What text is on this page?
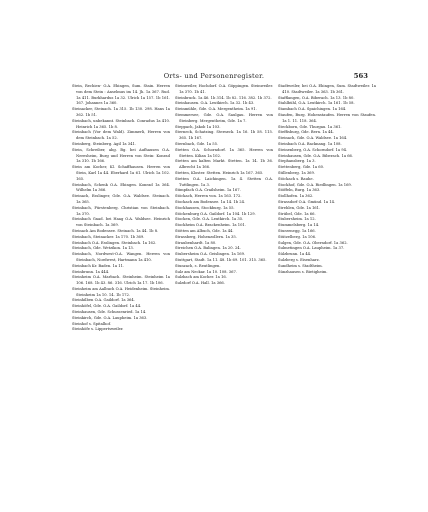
Orts- und Personenregister.	563

Stein, Rechien- O.A. Ehingen, Sum. Stain. Herren von dem Stein : Anselmus im 14. Jh. 1a 367. Rud. 1a 411. Burkhardus 1a 32. Ulrich 1a 157. 1b 161. 167. Johannes 1a 360.

Steinacker, Steinach. 1a 315. 1b 130. 298. Hans 1a 362. 1b 51.

Steinbach, unbekannt. Steinbach. Conradus 1a 410. Heinrich 1a 365. 1b 8.

Steinbach (Vor dem Wald). Zimmerli, Herren von dem Steinbach. 1a 52.

Steinberg, Steinberg. Agil 1a 341.

Stein, Schreiber, abg. Bg. bei Aufhausen O.A. Neresheim, Burg und Herren von Stein: Konrad 1a 310. 1b 166.

Stein am Kocher, Kl. Schaffhausen. Herren von Stein, Karl 1a 44. Eberhard 1a 61. Ulrich 1a 102. 165.

Steinbach, Schenk O.A. Ehingen. Konrad 1a 364. Wilhelm 1a 366.

Steinach, Esslinger, Gde. O.A. Waldsee. Steinach. 1a 365.

Steinbach, Fürstenberg. Christian von Steinbach. 1a 370.

Steinbach Gnad. bei Haag O.A. Waldsee. Heinrich von Steinbach. 1a 369.

Steinach Am Bodensee. Steinach. 1a 44. 1b 8.

Steinbach, Steinacker. 1a 170. 1b 369.

Steinbach O.A. Esslingen. Steinbach. 1a 162.

Steinbach, Gde. Wetzikon. 1a 13.

Steinbach, Nordwest-O.A. Wangen. Herren von Steinbach, Nordwest, Hartmann 1a 410.

Steinbach Kr. Baden. 1a 11.

Steinbrunn. 1a 444.

Steinheim O.A. Marbach. Steinheim. Steinheim 1a 106. 168. 1b 43. 86. 316. Ulrich 1a 17. 1b 106.

Steinheim am Aalbuch O.A. Heidenheim. Steinheim. Steinheim 1a 10. 14. 1b 172.

Steinhilben O.A. Gaildorf. 1a 364.

Steinhöfel, Gde. O.A. Gaildorf. 1a 44.

Steinhausen, Gde. Schussenried. 1a 14.

Steinkirch, Gde. O.A. Laupheim. 1a 363.

Steinhof s. Spitalhof.

Steinhöfe s. Lippertsweiler.

Steinweiler, Hochdorf. O.A. Göppingen. Steinweiler. 1a 370. 1b 41.

Steinbruck. 1a 46. 1b 314. 1b 82. 116. 382. 1b 372.

Steinhausen. O.A. Leutkirch. 1a 32. 1b 43.

Steinmühle, Gde. O.A. Mergentheim. 1a 91.

Stemmersee, Gde. O.A. Saulgau. Herren von Steinberg. Mergentheim, Gde. 1a 7.

Steppach, Jakob 1a 103.

Sterneck, Schatzing. Sterneck. 1a 16. 1b 58. 115. 365. 1b 167.

Sternbach, Gde. 1a 55.

Stetten O.A. Schorndorf. 1a 365. Herren von Stetten. Kilian 1a 102.

Stetten am kalten Markt. Stetten. 1a 14. 1b 36. Albrecht 1a 166.

Stetten, Kloster. Stetten. Heinrich 1a 167. 365.

Stetten O.A. Laichingen. 1a 4. Stetten O.A. Tuttlingen. 1a 3.

Stimpfach O.A. Crailsheim. 1a 167.

Stöckach, Herren von. 1a 163. 172.

Stockach am Bodensee. 1a 14. 1b 24.

Stockhausen, Stockburg. 1a 55.

Stöckenburg O.A. Gaildorf. 1a 104. 1b 129.

Stocken, Gde. O.A. Leutkirch. 1a 35.

Stockheim O.A. Brackenheim. 1a 101.

Stötten am Albuch, Gde. 1a 44.

Strassberg, Hohenzollern. 1a 35.

Straubenhardt. 1a 80.

Streichen O.A. Balingen. 1a 20. 24.

Stubersheim O.A. Geislingen. 1a 169.

Stuttgart, Stadt. 1a 11. 48. 1b 69. 101. 315. 365.

Stunzach, s. Reutlingen.

Sulz am Neckar. 1a 10. 108. 367.

Sulzbach am Kocher. 1a 16.

Sulzdorf O.A. Hall. 1a 366.

Stadtweiler, bei O.A. Ehingen, Sum. Stadtweiler. 1a 410. Stadtweiler. 1a 363. 1b 361.

Stafflangen, O.A. Biberach. 1a 13. 1b 80.

Stahlbühl, O.A. Leutkirch. 1a 161. 1b 58.

Stambach O.A. Spaichingen. 1a 164.

Staufen, Burg. Hohenstaufen. Herren von Staufen. 1a 1. 11. 118. 364.

Steckborn, Gde. Thurgau. 1a 361.

Steffisburg, Gde. Bern. 1a 44.

Steinach, Gde. O.A. Waldsee. 1a 164.

Steinbach O.A. Backnang. 1a 108.

Steinenberg, O.A. Schorndorf. 1a 94.

Steinhausen, Gde. O.A. Biberach. 1a 66.

Stephansberg. 1a 3.

Stettenberg, Gde. 1a 60.

Stillenberg. 1a 369.

Stöckach s. Rauhe.

Stockhof, Gde. O.A. Riedlingen. 1a 169.

Stöffeln, Burg. 1a 363.

Stollhofen. 1a 362.

Strassdorf O.A. Gmünd. 1a 14.

Strehlen, Gde. 1a 161.

Strübel, Gde. 1a 66.

Stubersheim. 1a 12.

Stummelsberg. 1a 14.

Sturzenegg. 1a 166.

Stützelberg. 1a 106.

Sulgen, Gde. O.A. Oberndorf. 1a 362.

Sulmetingen O.A. Laupheim. 1a 37.

Sülzbrunn. 1a 44.

Sulzberg s. Eisenharz.

Sundheim s. Stadtheim.

Sünzhausen s. Bietigheim.
